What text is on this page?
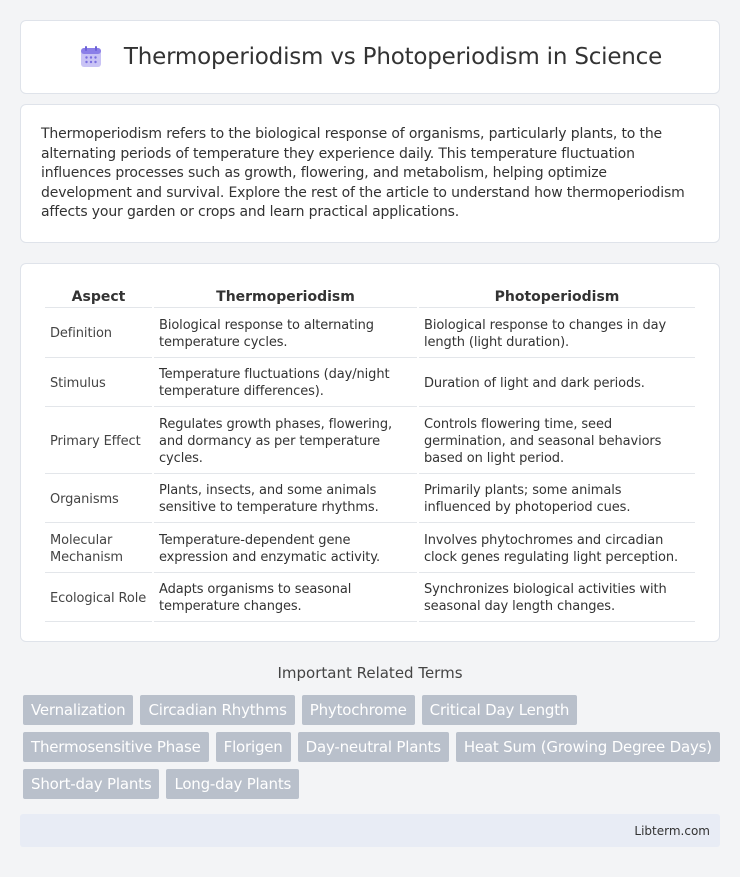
Thermoperiodism vs Photoperiodism in Science

Thermoperiodism refers to the biological response of organisms, particularly plants, to the alternating periods of temperature they experience daily. This temperature fluctuation influences processes such as growth, flowering, and metabolism, helping optimize development and survival. Explore the rest of the article to understand how thermoperiodism affects your garden or crops and learn practical applications.

Aspect	Thermoperiodism	Photoperiodism
Definition	Biological response to alternating temperature cycles.	Biological response to changes in day length (light duration).
Stimulus	Temperature fluctuations (day/night temperature differences).	Duration of light and dark periods.
Primary Effect	Regulates growth phases, flowering, and dormancy as per temperature cycles.	Controls flowering time, seed germination, and seasonal behaviors based on light period.
Organisms	Plants, insects, and some animals sensitive to temperature rhythms.	Primarily plants; some animals influenced by photoperiod cues.
Molecular Mechanism	Temperature-dependent gene expression and enzymatic activity.	Involves phytochromes and circadian clock genes regulating light perception.
Ecological Role	Adapts organisms to seasonal temperature changes.	Synchronizes biological activities with seasonal day length changes.
Important Related Terms
Vernalization	Circadian Rhythms	Phytochrome	Critical Day Length
Thermosensitive Phase	Florigen	Day-neutral Plants	Heat Sum (Growing Degree Days)
Short-day Plants	Long-day Plants
Libterm.com
